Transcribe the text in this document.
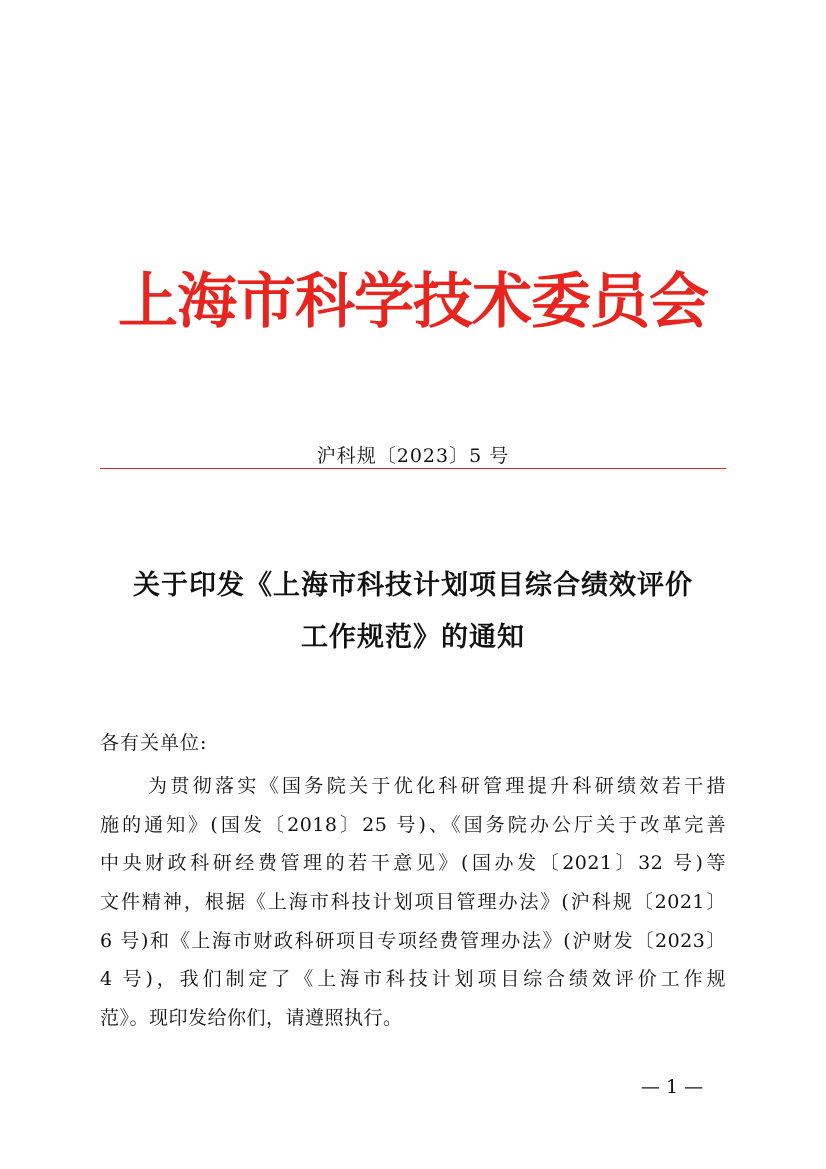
上海市科学技术委员会
沪科规〔2023〕5 号
关于印发《上海市科技计划项目综合绩效评价
工作规范》的通知
各有关单位:
为贯彻落实《国务院关于优化科研管理提升科研绩效若干措
施的通知》(国发〔2018〕25 号)、《国务院办公厅关于改革完善
中央财政科研经费管理的若干意见》(国办发〔2021〕32 号)等
文件精神，根据《上海市科技计划项目管理办法》(沪科规〔2021〕
6 号)和《上海市财政科研项目专项经费管理办法》(沪财发〔2023〕
4 号)，我们制定了《上海市科技计划项目综合绩效评价工作规
范》。现印发给你们，请遵照执行。
— 1 —
